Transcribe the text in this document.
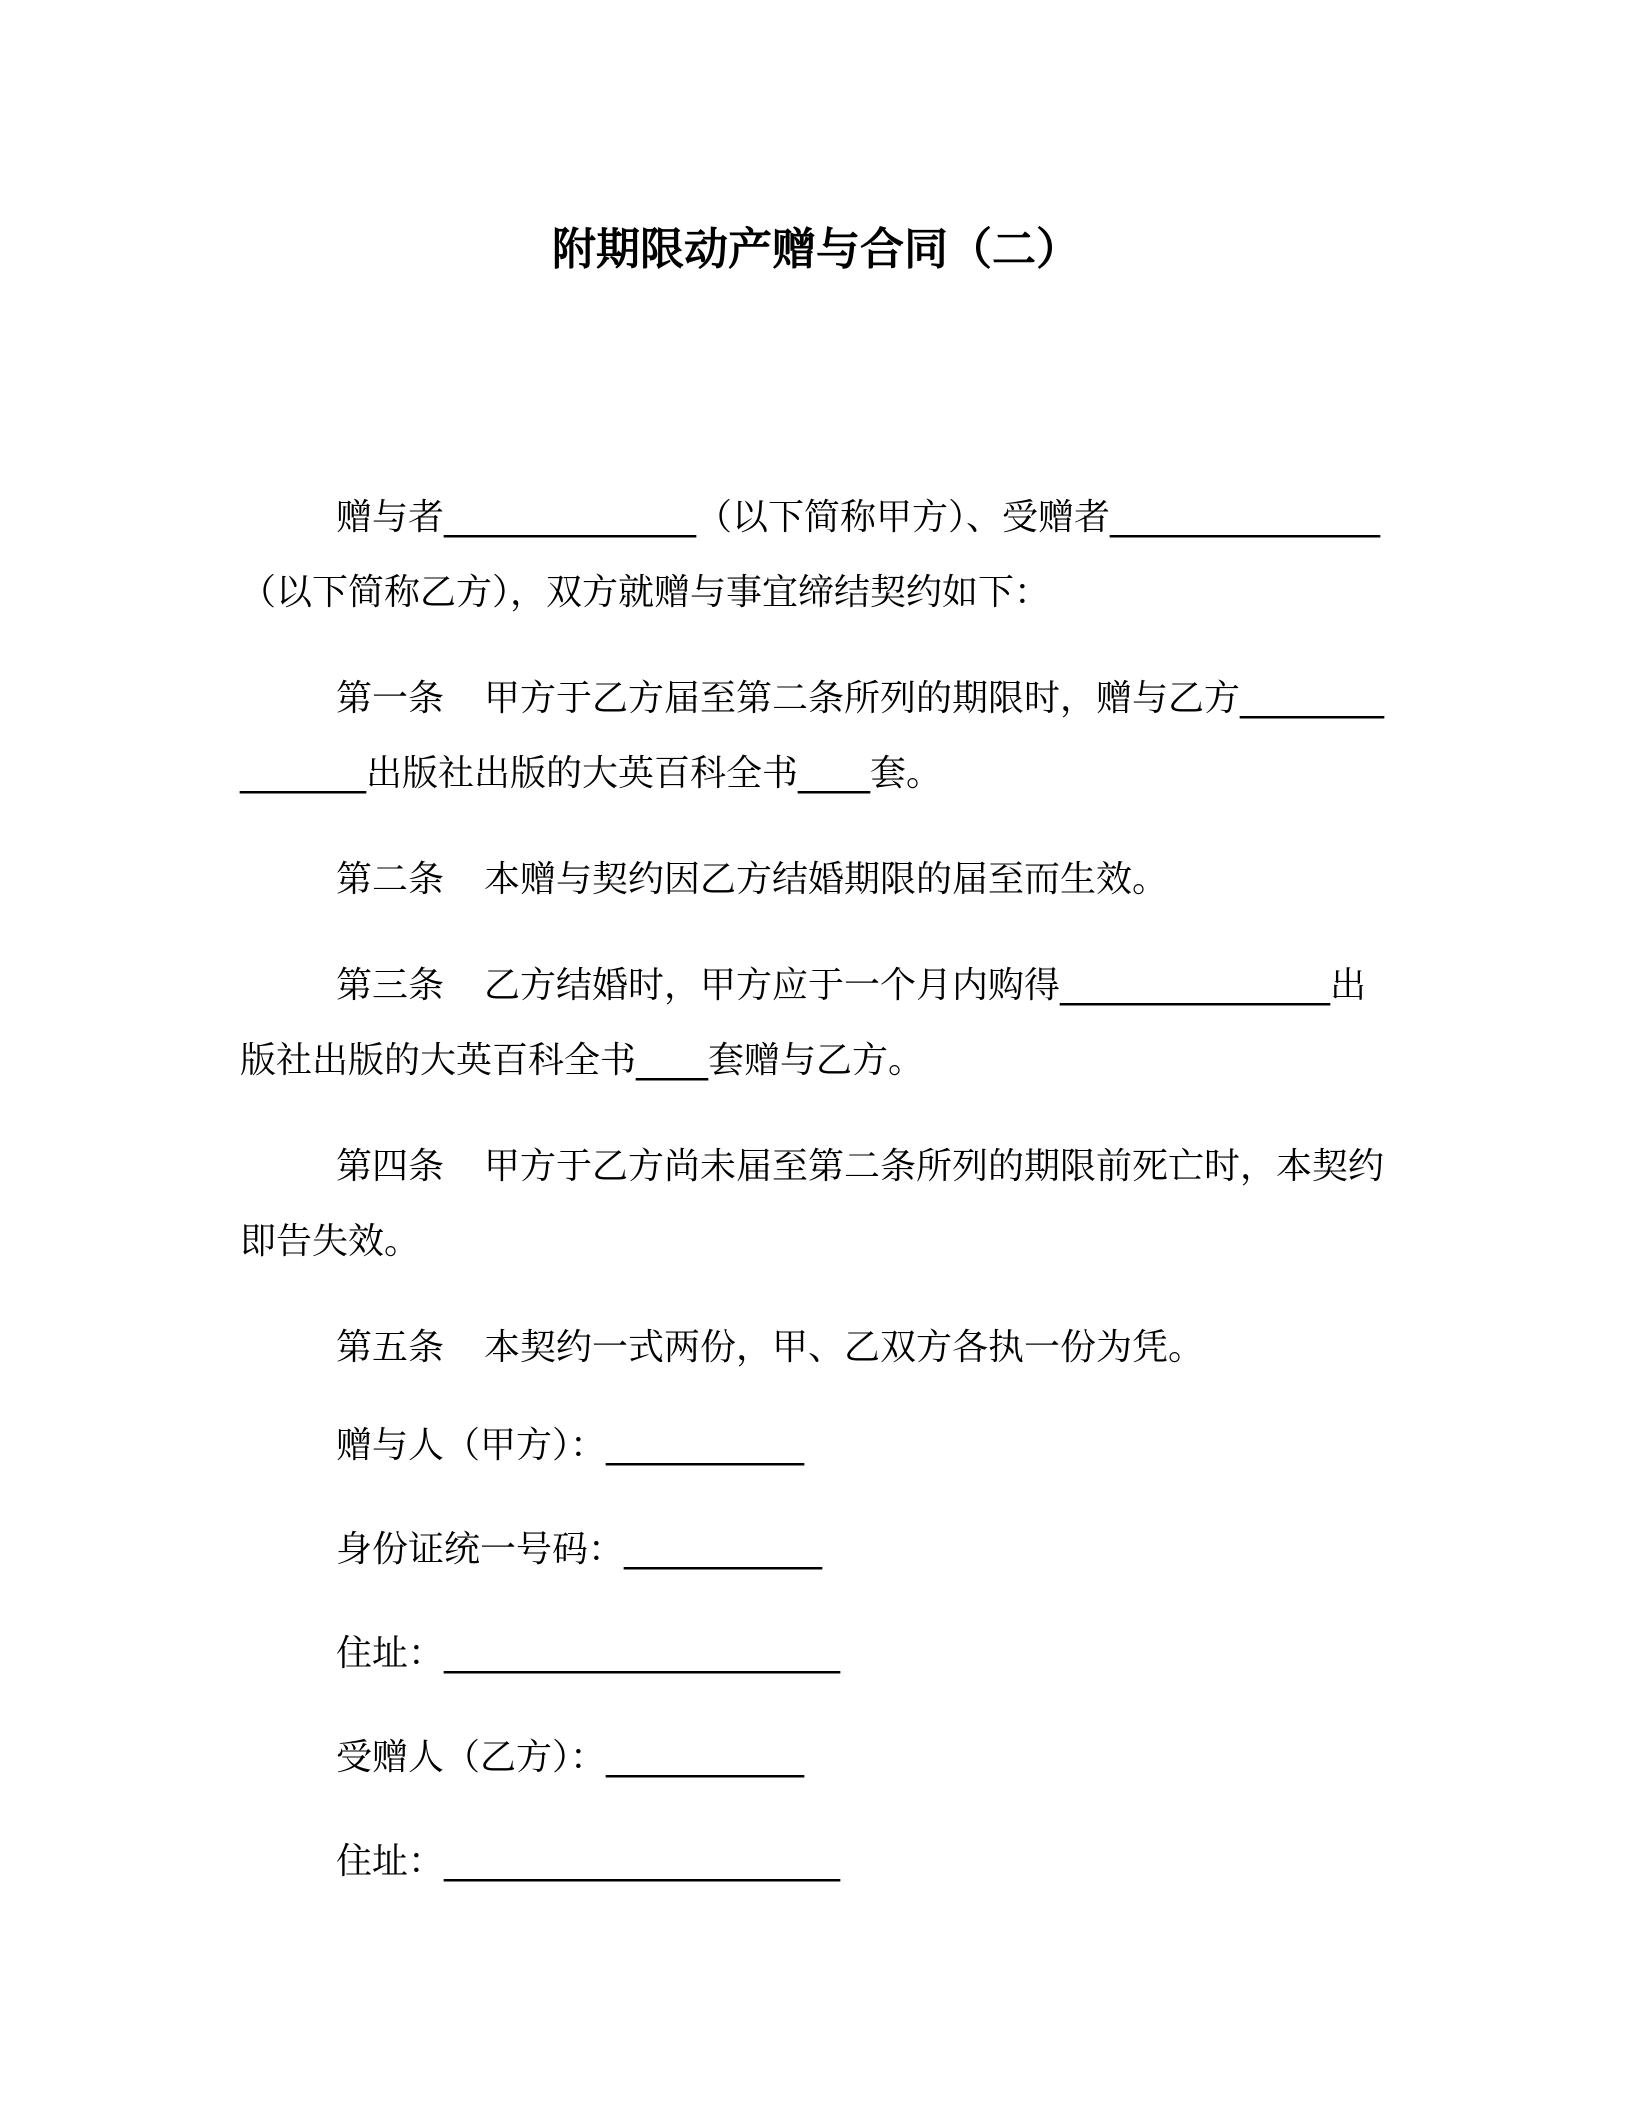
附期限动产赠与合同（二）

赠与者______________（以下简称甲方）、受赠者_______________（以下简称乙方），双方就赠与事宜缔结契约如下：

第一条 甲方于乙方届至第二条所列的期限时，赠与乙方_______________出版社出版的大英百科全书____套。

第二条 本赠与契约因乙方结婚期限的届至而生效。

第三条 乙方结婚时，甲方应于一个月内购得_______________出版社出版的大英百科全书____套赠与乙方。

第四条 甲方于乙方尚未届至第二条所列的期限前死亡时，本契约即告失效。

第五条 本契约一式两份，甲、乙双方各执一份为凭。

赠与人（甲方）：___________
身份证统一号码：___________
住址：______________________
受赠人（乙方）：___________
住址：______________________
